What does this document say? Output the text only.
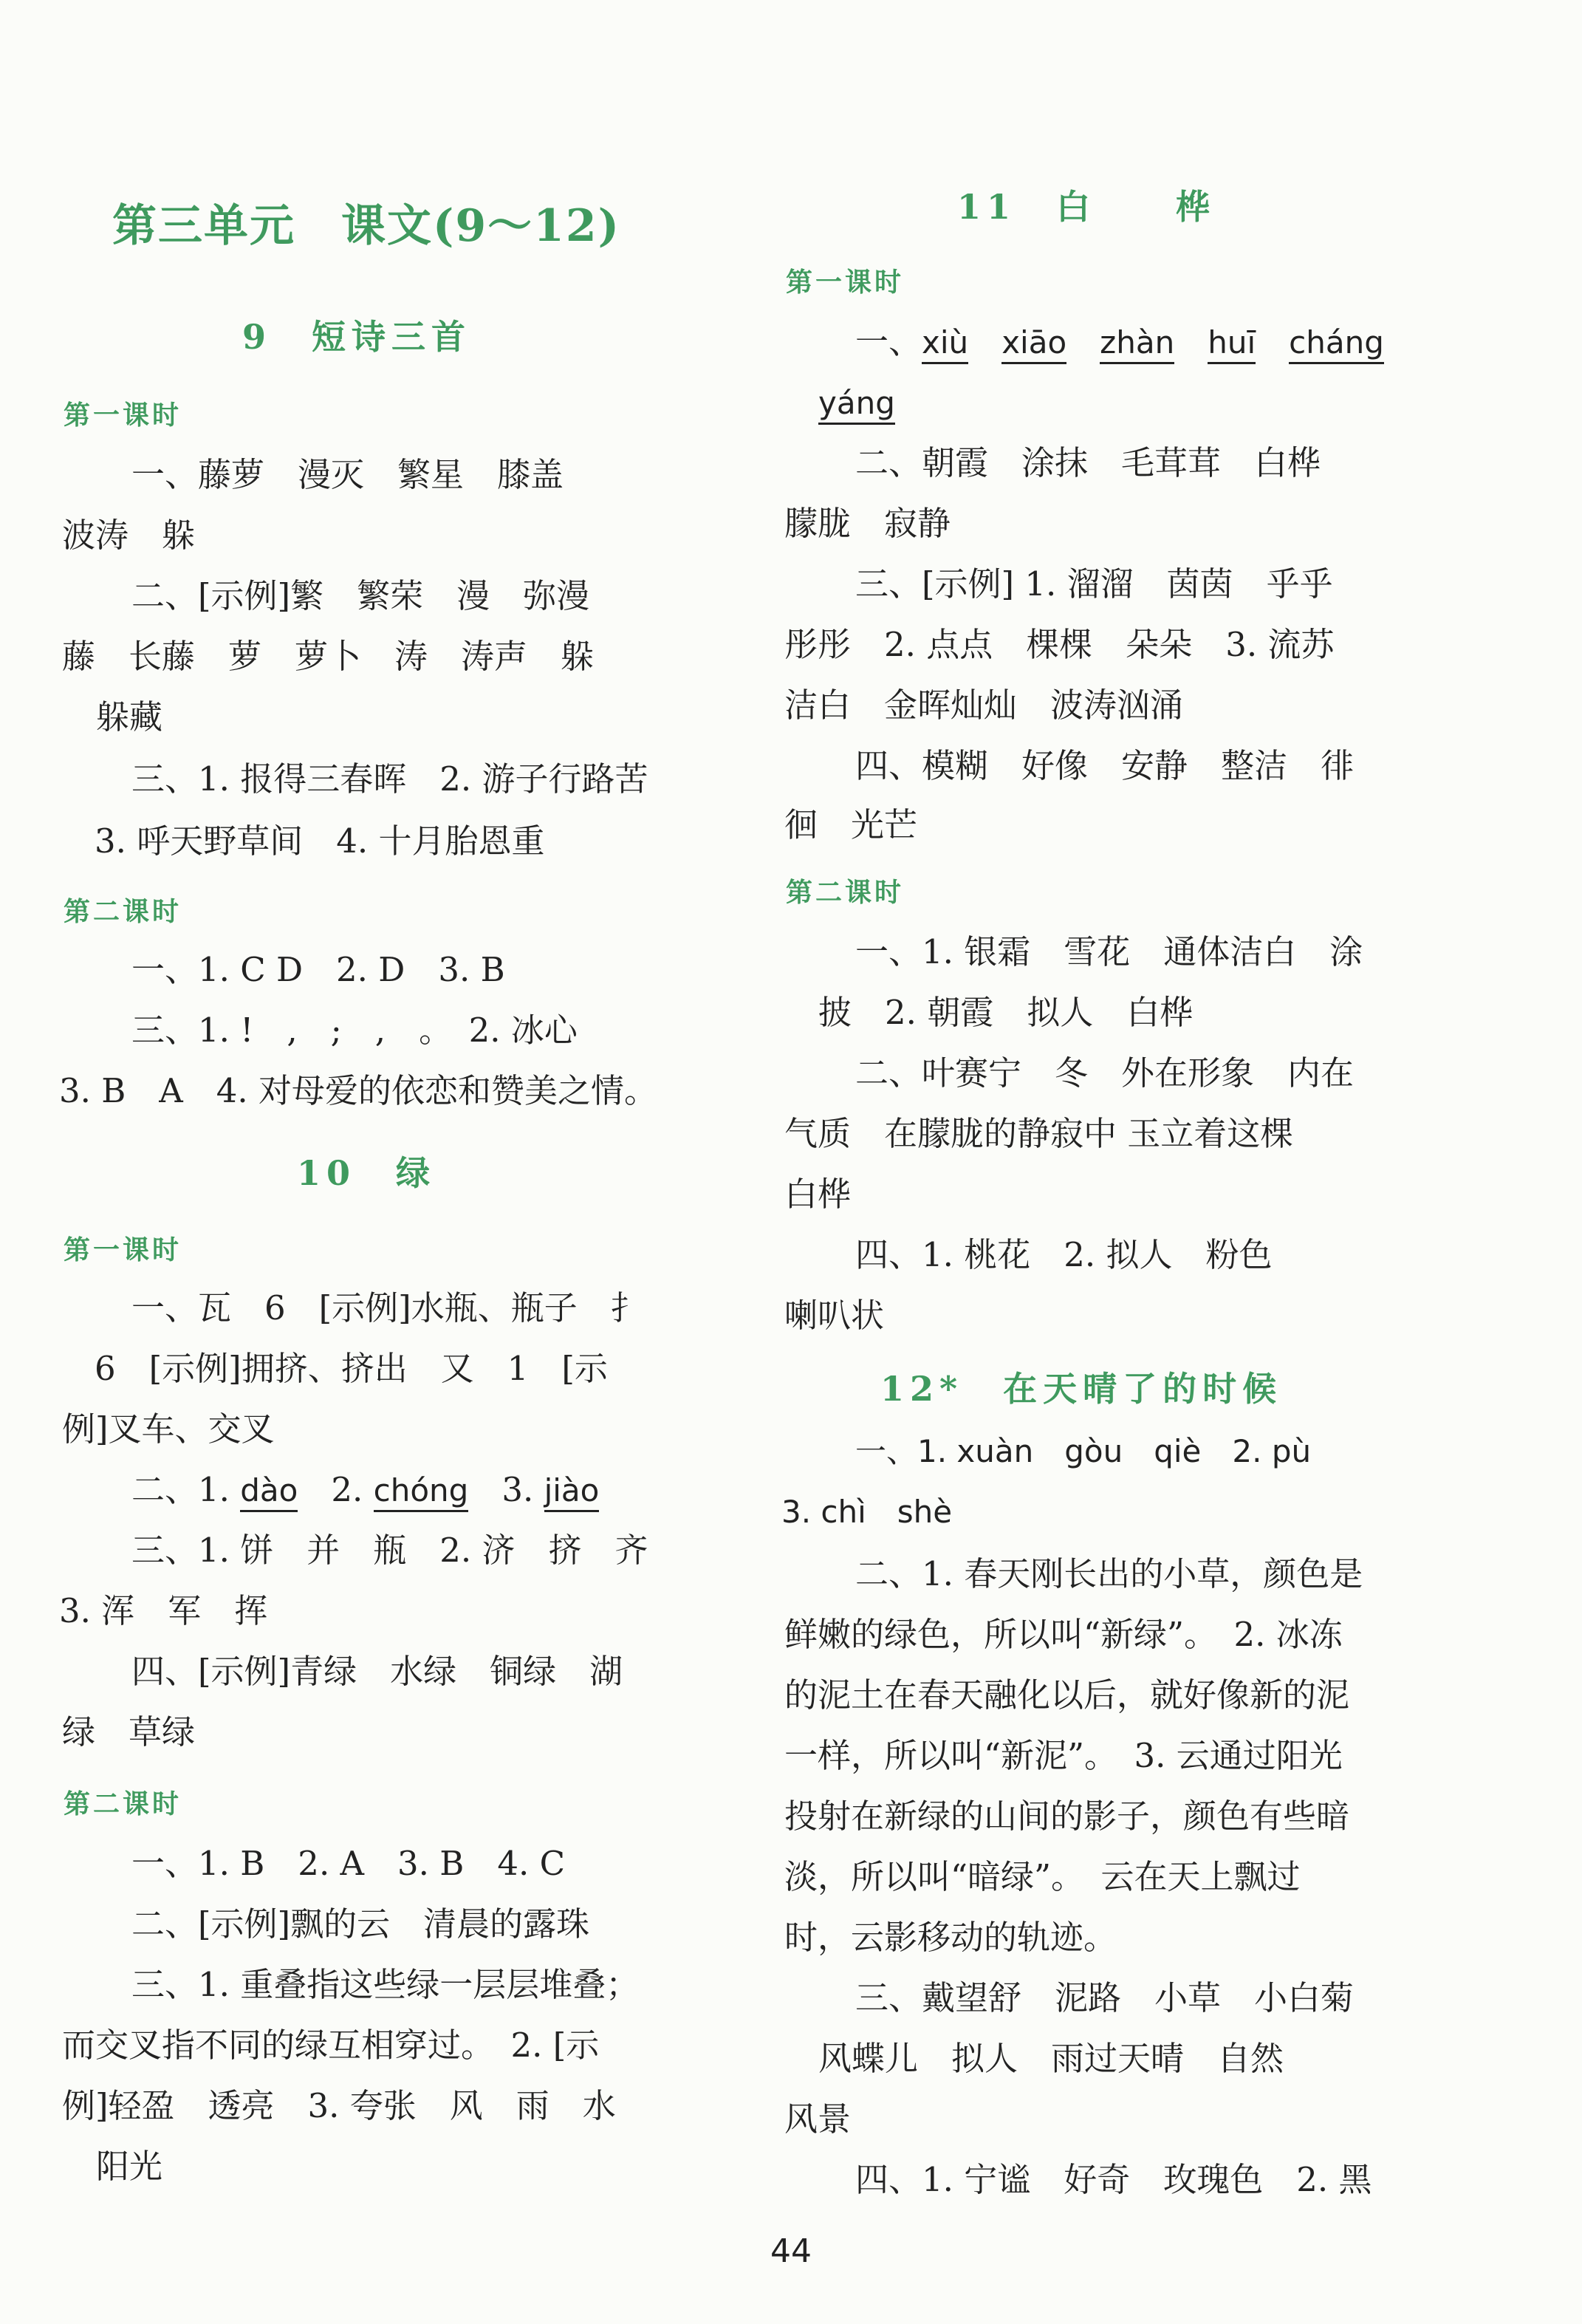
第三单元　课文(9～12)
9　短诗三首
第一课时
一、藤萝　漫灭　繁星　膝盖
波涛　躲
二、[示例]繁　繁荣　漫　弥漫
藤　长藤　萝　萝卜　涛　涛声　躲
躲藏
三、1. 报得三春晖　2. 游子行路苦
3. 呼天野草间　4. 十月胎恩重
第二课时
一、1. C D　2. D　3. B
三、1. !　,　;　,　。　2. 冰心
3. B　A　4. 对母爱的依恋和赞美之情。
10　绿
第一课时
一、瓦　6　[示例]水瓶、瓶子　扌
6　[示例]拥挤、挤出　又　1　[示
例]叉车、交叉
二、1. dào　 2. chóng　 3. jiào
三、1. 饼　并　瓶　2. 济　挤　齐
3. 浑　军　挥
四、[示例]青绿　水绿　铜绿　湖
绿　草绿
第二课时
一、1. B　2. A　3. B　4. C
二、[示例]飘的云　清晨的露珠
三、1. 重叠指这些绿一层层堆叠；
而交叉指不同的绿互相穿过。　2. [示
例]轻盈　透亮　3. 夸张　风　雨　水
阳光
11　白　　桦
第一课时
一、xiù　 xiāo　 zhàn　 huī　 cháng
yáng
二、朝霞　涂抹　毛茸茸　白桦
朦胧　寂静
三、[示例] 1. 溜溜　茵茵　乎乎
彤彤　2. 点点　棵棵　朵朵　3. 流苏
洁白　金晖灿灿　波涛汹涌
四、模糊　好像　安静　整洁　徘
徊　光芒
第二课时
一、1. 银霜　雪花　通体洁白　涂
披　2. 朝霞　拟人　白桦
二、叶赛宁　冬　外在形象　内在
气质　在朦胧的静寂中 玉立着这棵
白桦
四、1. 桃花　2. 拟人　粉色
喇叭状
12*　在天晴了的时候
一、1. xuàn　gòu　qiè　2. pù
3. chì　shè
二、1. 春天刚长出的小草，颜色是
鲜嫩的绿色，所以叫“新绿”。　2. 冰冻
的泥土在春天融化以后，就好像新的泥
一样，所以叫“新泥”。　3. 云通过阳光
投射在新绿的山间的影子，颜色有些暗
淡，所以叫“暗绿”。　云在天上飘过
时，云影移动的轨迹。
三、戴望舒　泥路　小草　小白菊
风蝶儿　拟人　雨过天晴　自然
风景
四、1. 宁谧　好奇　玫瑰色　2. 黑
44
